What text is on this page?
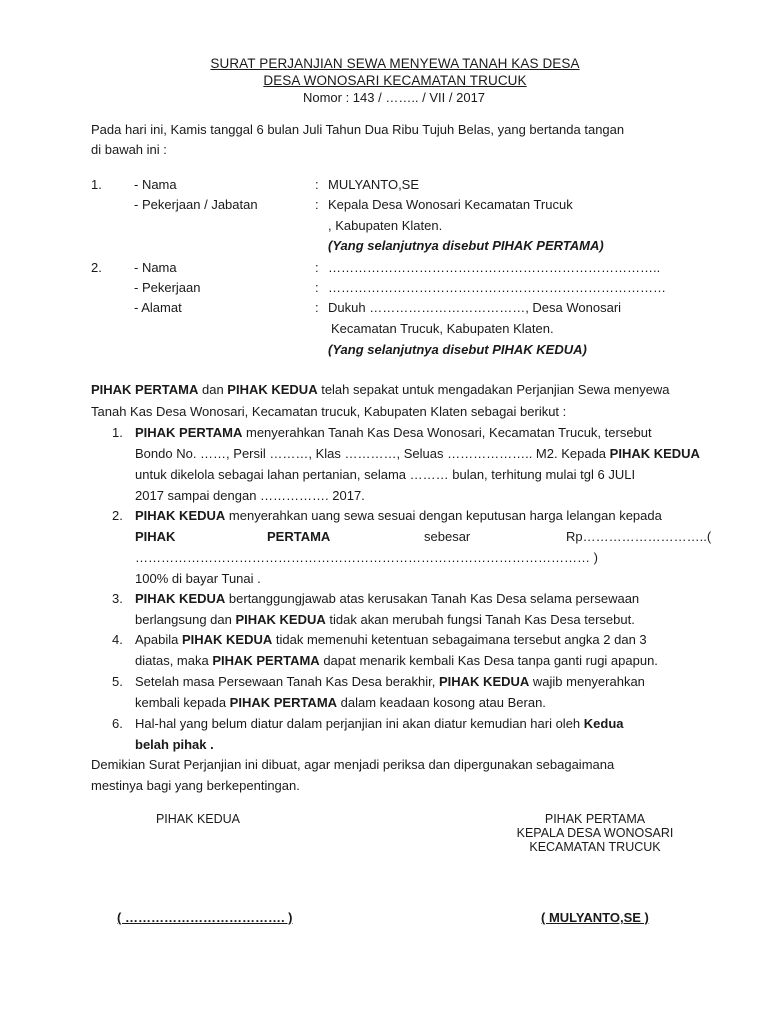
SURAT PERJANJIAN SEWA MENYEWA TANAH KAS DESA
DESA WONOSARI KECAMATAN TRUCUK
Nomor : 143 / …….. / VII / 2017
Pada hari ini, Kamis tanggal 6 bulan Juli Tahun Dua Ribu Tujuh Belas, yang bertanda tangan
di bawah ini :
1. - Nama	: MULYANTO,SE
- Pekerjaan / Jabatan	: Kepala Desa Wonosari Kecamatan Trucuk
, Kabupaten Klaten.
(Yang selanjutnya disebut PIHAK PERTAMA)
2. - Nama	: …………………………………………………………………..
- Pekerjaan	: ……………………………………………………………………
- Alamat	: Dukuh ………………………………, Desa Wonosari
Kecamatan Trucuk, Kabupaten Klaten.
(Yang selanjutnya disebut PIHAK KEDUA)
PIHAK PERTAMA dan PIHAK KEDUA telah sepakat untuk mengadakan Perjanjian Sewa menyewa
Tanah Kas Desa Wonosari, Kecamatan trucuk, Kabupaten Klaten sebagai berikut :
1. PIHAK PERTAMA menyerahkan Tanah Kas Desa Wonosari, Kecamatan Trucuk, tersebut
Bondo No. ……, Persil ………, Klas …………, Seluas ……………….. M2. Kepada PIHAK KEDUA
untuk dikelola sebagai lahan pertanian, selama ……… bulan, terhitung mulai tgl 6 JULI
2017 sampai dengan ……………. 2017.
2. PIHAK KEDUA menyerahkan uang sewa sesuai dengan keputusan harga lelangan kepada
PIHAK	PERTAMA	sebesar	Rp………………………..(
…………………………………………………………………………………………… )
100% di bayar Tunai .
3. PIHAK KEDUA bertanggungjawab atas kerusakan Tanah Kas Desa selama persewaan
berlangsung dan PIHAK KEDUA tidak akan merubah fungsi Tanah Kas Desa tersebut.
4. Apabila PIHAK KEDUA tidak memenuhi ketentuan sebagaimana tersebut angka 2 dan 3
diatas, maka PIHAK PERTAMA dapat menarik kembali Kas Desa tanpa ganti rugi apapun.
5. Setelah masa Persewaan Tanah Kas Desa berakhir, PIHAK KEDUA wajib menyerahkan
kembali kepada PIHAK PERTAMA dalam keadaan kosong atau Beran.
6. Hal-hal yang belum diatur dalam perjanjian ini akan diatur kemudian hari oleh Kedua
belah pihak .
Demikian Surat Perjanjian ini dibuat, agar menjadi periksa dan dipergunakan sebagaimana
mestinya bagi yang berkepentingan.
PIHAK KEDUA	PIHAK PERTAMA
KEPALA DESA WONOSARI
KECAMATAN TRUCUK
( ………………………………. )	( MULYANTO,SE )
